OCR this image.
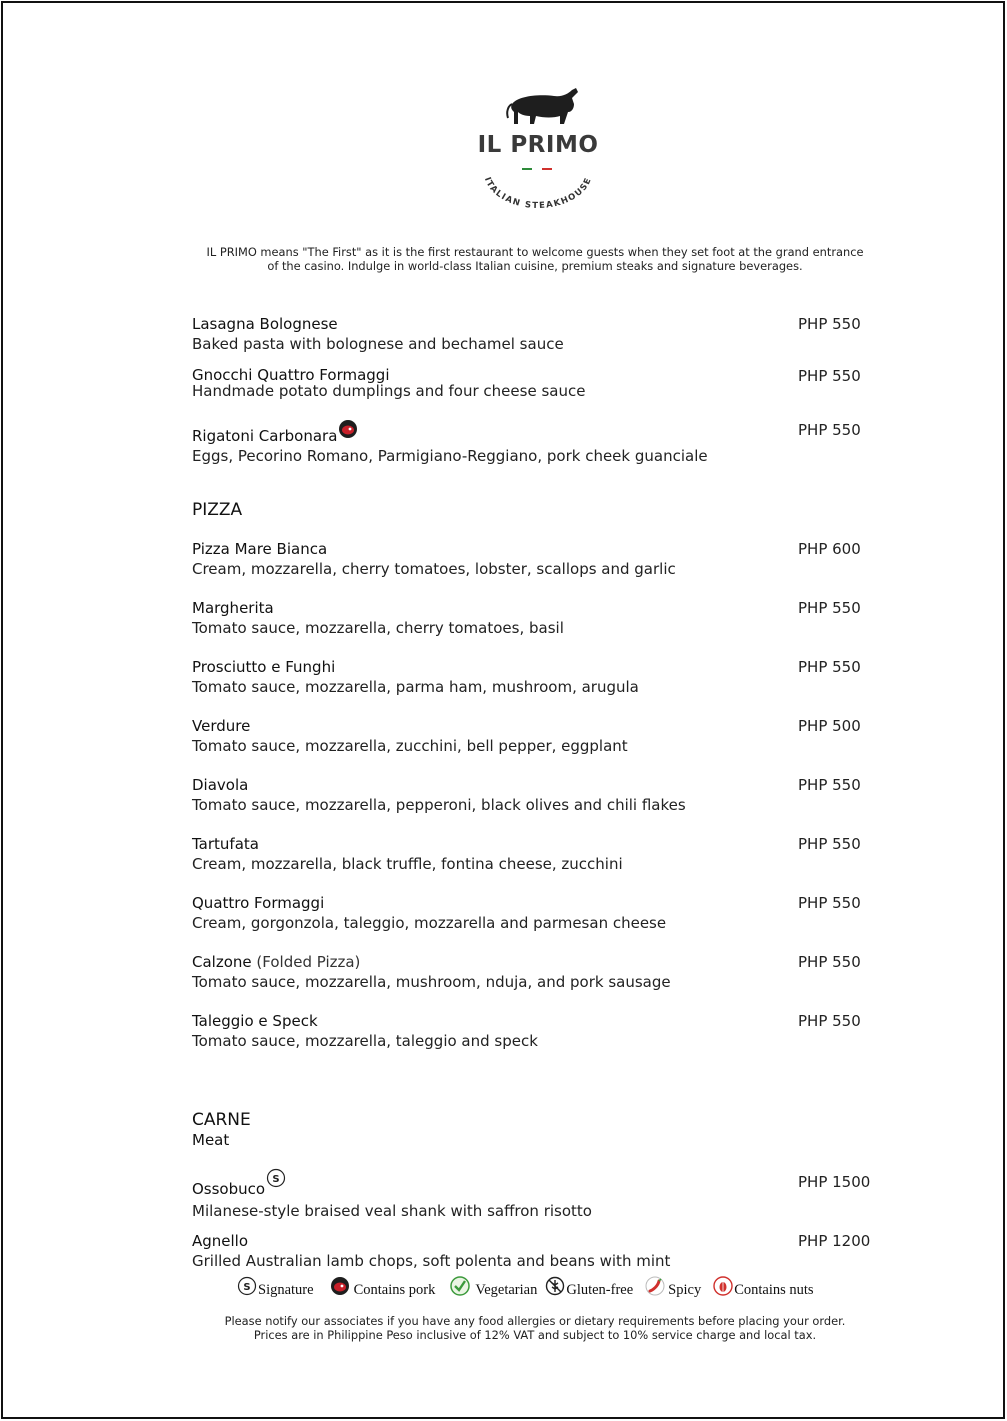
ITALIAN STEAKHOUSE
IL PRIMO
IL PRIMO means "The First" as it is the first restaurant to welcome guests when they set foot at the grand entrance
of the casino. Indulge in world-class Italian cuisine, premium steaks and signature beverages.
Lasagna Bolognese
Baked pasta with bolognese and bechamel sauce
PHP 550
Gnocchi Quattro Formaggi
Handmade potato dumplings and four cheese sauce
PHP 550
Rigatoni Carbonara
Eggs, Pecorino Romano, Parmigiano-Reggiano, pork cheek guanciale
PHP 550
PIZZA
Pizza Mare Bianca
Cream, mozzarella, cherry tomatoes, lobster, scallops and garlic
PHP 600
Margherita
Tomato sauce, mozzarella, cherry tomatoes, basil
PHP 550
Prosciutto e Funghi
Tomato sauce, mozzarella, parma ham, mushroom, arugula
PHP 550
Verdure
Tomato sauce, mozzarella, zucchini, bell pepper, eggplant
PHP 500
Diavola
Tomato sauce, mozzarella, pepperoni, black olives and chili flakes
PHP 550
Tartufata
Cream, mozzarella, black truffle, fontina cheese, zucchini
PHP 550
Quattro Formaggi
Cream, gorgonzola, taleggio, mozzarella and parmesan cheese
PHP 550
Calzone (Folded Pizza)
Tomato sauce, mozzarella, mushroom, nduja, and pork sausage
PHP 550
Taleggio e Speck
Tomato sauce, mozzarella, taleggio and speck
PHP 550
CARNE
Meat
Ossobuco
S
Milanese-style braised veal shank with saffron risotto
PHP 1500
Agnello
Grilled Australian lamb chops, soft polenta and beans with mint
PHP 1200
S Signature	Contains pork	Vegetarian Gluten-free Spicy Contains nuts
Please notify our associates if you have any food allergies or dietary requirements before placing your order.
Prices are in Philippine Peso inclusive of 12% VAT and subject to 10% service charge and local tax.
